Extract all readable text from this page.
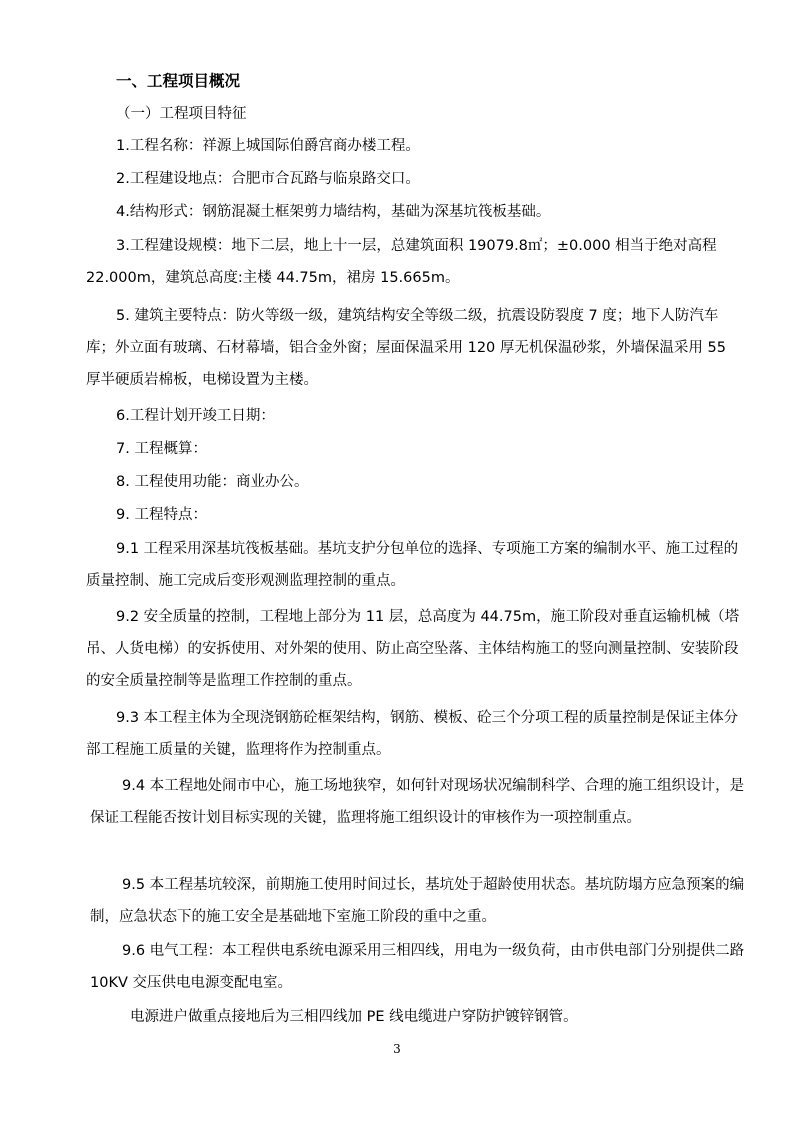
一、工程项目概况

（一）工程项目特征

1.工程名称：祥源上城国际伯爵宫商办楼工程。

2.工程建设地点：合肥市合瓦路与临泉路交口。

4.结构形式：钢筋混凝土框架剪力墙结构，基础为深基坑筏板基础。

3.工程建设规模：地下二层，地上十一层，总建筑面积 19079.8㎡；±0.000 相当于绝对高程 22.000m，建筑总高度:主楼 44.75m，裙房 15.665m。

5. 建筑主要特点：防火等级一级，建筑结构安全等级二级，抗震设防裂度 7 度；地下人防汽车库；外立面有玻璃、石材幕墙，铝合金外窗；屋面保温采用 120 厚无机保温砂浆，外墙保温采用 55 厚半硬质岩棉板，电梯设置为主楼。

6.工程计划开竣工日期：

7. 工程概算：

8. 工程使用功能：商业办公。

9. 工程特点：

9.1 工程采用深基坑筏板基础。基坑支护分包单位的选择、专项施工方案的编制水平、施工过程的质量控制、施工完成后变形观测监理控制的重点。

9.2 安全质量的控制，工程地上部分为 11 层，总高度为 44.75m，施工阶段对垂直运输机械（塔吊、人货电梯）的安拆使用、对外架的使用、防止高空坠落、主体结构施工的竖向测量控制、安装阶段的安全质量控制等是监理工作控制的重点。

9.3 本工程主体为全现浇钢筋砼框架结构，钢筋、模板、砼三个分项工程的质量控制是保证主体分部工程施工质量的关键，监理将作为控制重点。

9.4 本工程地处闹市中心，施工场地狭窄，如何针对现场状况编制科学、合理的施工组织设计，是保证工程能否按计划目标实现的关键，监理将施工组织设计的审核作为一项控制重点。

9.5 本工程基坑较深，前期施工使用时间过长，基坑处于超龄使用状态。基坑防塌方应急预案的编制，应急状态下的施工安全是基础地下室施工阶段的重中之重。

9.6 电气工程：本工程供电系统电源采用三相四线，用电为一级负荷，由市供电部门分别提供二路 10KV 交压供电电源变配电室。

电源进户做重点接地后为三相四线加 PE 线电缆进户穿防护镀锌钢管。

3
